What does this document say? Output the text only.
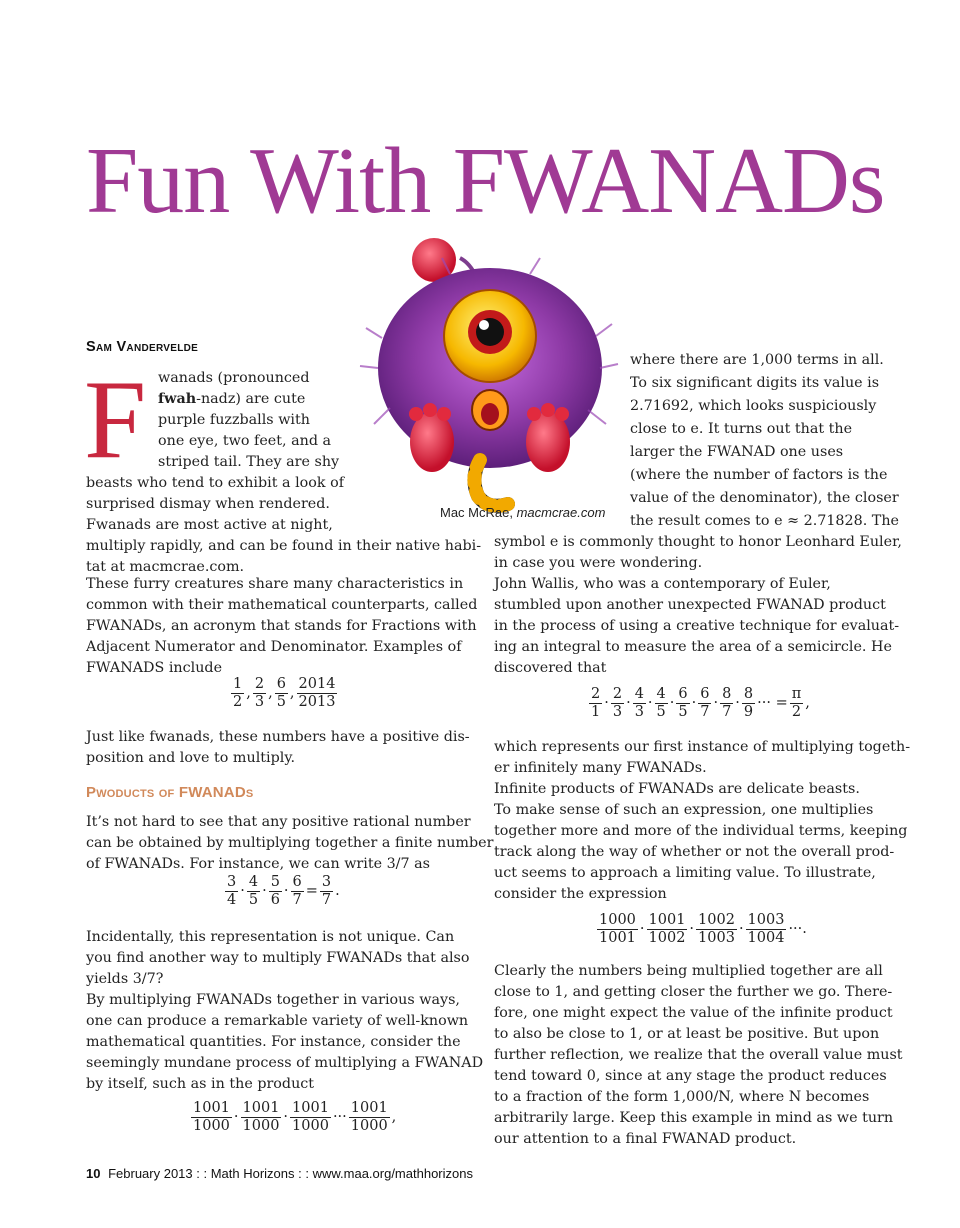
Fun With FWANADs
Mac McRae, macmcrae.com

Sam Vandervelde

F wanads (pronounced

fwah-nadz) are cute

purple fuzzballs with

one eye, two feet, and a

striped tail. They are shy

beasts who tend to exhibit a look of

surprised dismay when rendered.

Fwanads are most active at night,

multiply rapidly, and can be found in their native habi-

tat at macmcrae.com.

These furry creatures share many characteristics in

common with their mathematical counterparts, called

FWANADs, an acronym that stands for Fractions with

Adjacent Numerator and Denominator. Examples of

FWANADS include

$\frac{1}{2}$ , $\frac{2}{3}$ , $\frac{6}{5}$ , $\frac{2014}{2013}$

Just like fwanads, these numbers have a positive dis-

position and love to multiply.

Pwoducts of FWANADs

It’s not hard to see that any positive rational number

can be obtained by multiplying together a finite number

of FWANADs. For instance, we can write 3/7 as

$\frac{3}{4} \cdot \frac{4}{5} \cdot \frac{5}{6} \cdot \frac{6}{7} = \frac{3}{7}$ .

Incidentally, this representation is not unique. Can

you find another way to multiply FWANADs that also

yields 3/7?

By multiplying FWANADs together in various ways,

one can produce a remarkable variety of well-known

mathematical quantities. For instance, consider the

seemingly mundane process of multiplying a FWANAD

by itself, such as in the product

$\frac{1001}{1000} \cdot \frac{1001}{1000} \cdot \frac{1001}{1000}$ ··· $\frac{1001}{1000}$ ,

where there are 1,000 terms in all.

To six significant digits its value is

2.71692, which looks suspiciously

close to e. It turns out that the

larger the FWANAD one uses

(where the number of factors is the

value of the denominator), the closer

the result comes to e ≈ 2.71828. The

symbol e is commonly thought to honor Leonhard Euler,

in case you were wondering.

John Wallis, who was a contemporary of Euler,

stumbled upon another unexpected FWANAD product

in the process of using a creative technique for evaluat-

ing an integral to measure the area of a semicircle. He

discovered that

$\frac{2}{1} \cdot \frac{2}{3} \cdot \frac{4}{3} \cdot \frac{4}{5} \cdot \frac{6}{5} \cdot \frac{6}{7} \cdot \frac{8}{7} \cdot \frac{8}{9}$ ··· = $\frac{\pi}{2}$ ,

which represents our first instance of multiplying togeth-

er infinitely many FWANADs.

Infinite products of FWANADs are delicate beasts.

To make sense of such an expression, one multiplies

together more and more of the individual terms, keeping

track along the way of whether or not the overall prod-

uct seems to approach a limiting value. To illustrate,

consider the expression

$\frac{1000}{1001} \cdot \frac{1001}{1002} \cdot \frac{1002}{1003} \cdot \frac{1003}{1004}$ ···.

Clearly the numbers being multiplied together are all

close to 1, and getting closer the further we go. There-

fore, one might expect the value of the infinite product

to also be close to 1, or at least be positive. But upon

further reflection, we realize that the overall value must

tend toward 0, since at any stage the product reduces

to a fraction of the form 1,000/N, where N becomes

arbitrarily large. Keep this example in mind as we turn

our attention to a final FWANAD product.

10 February 2013 : : Math Horizons : : www.maa.org/mathhorizons
